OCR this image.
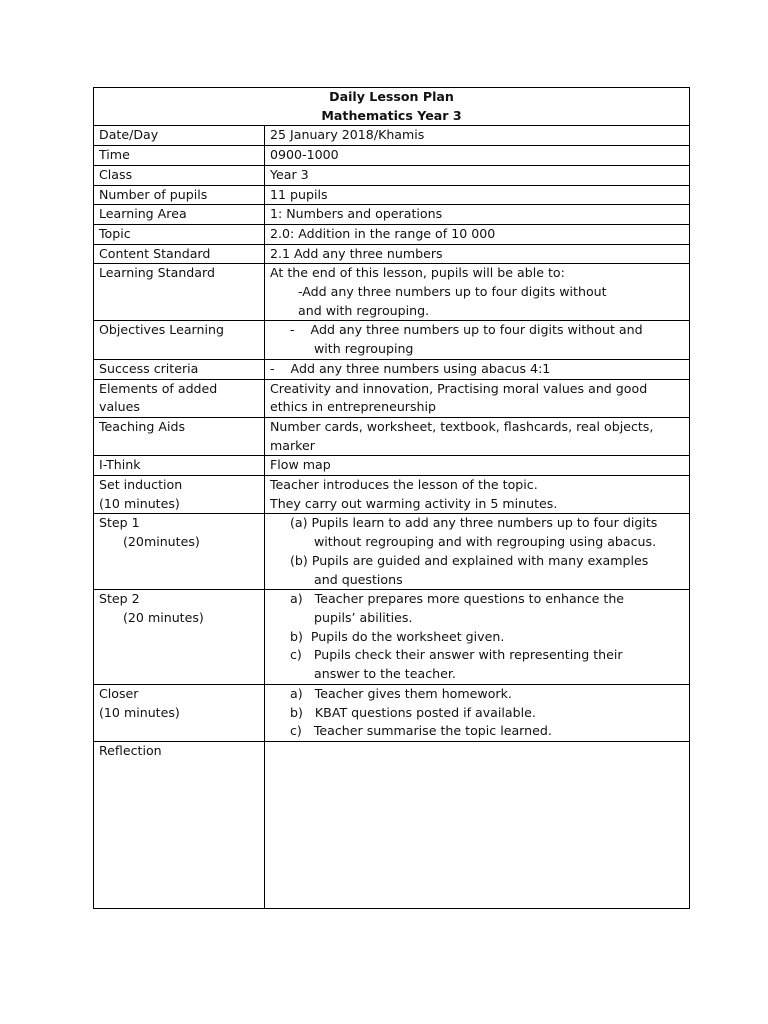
Daily Lesson Plan
Mathematics Year 3	

Date/Day	25 January 2018/Khamis
Time	0900-1000
Class	Year 3
Number of pupils	11 pupils
Learning Area	1: Numbers and operations
Topic	2.0: Addition in the range of 10 000
Content Standard	2.1 Add any three numbers
Learning Standard	At the end of this lesson, pupils will be able to:
-Add any three numbers up to four digits without
and with regrouping.

Objectives Learning	-    Add any three numbers up to four digits without and
with regrouping

Success criteria	-    Add any three numbers using abacus 4:1

Elements of added
values	Creativity and innovation, Practising moral values and good
ethics in entrepreneurship

Teaching Aids	Number cards, worksheet, textbook, flashcards, real objects,
marker

I-Think	Flow map

Set induction
(10 minutes)	Teacher introduces the lesson of the topic.
They carry out warming activity in 5 minutes.

Step 1
(20minutes)	(a) Pupils learn to add any three numbers up to four digits
without regrouping and with regrouping using abacus.
(b) Pupils are guided and explained with many examples
and questions

Step 2
(20 minutes)	a)   Teacher prepares more questions to enhance the
pupils’ abilities.
b)  Pupils do the worksheet given.
c)   Pupils check their answer with representing their
answer to the teacher.

Closer
(10 minutes)	a)   Teacher gives them homework.
b)   KBAT questions posted if available.
c)   Teacher summarise the topic learned.

Reflection	
